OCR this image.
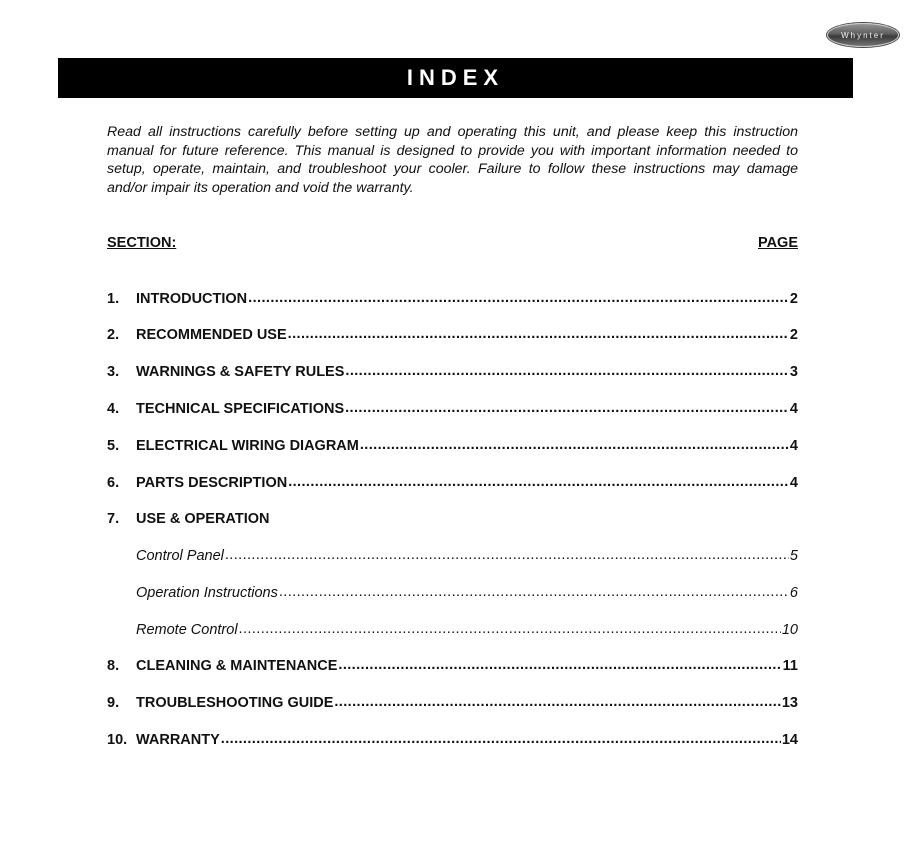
Whynter
INDEX

Read all instructions carefully before setting up and operating this unit, and please keep this instruction manual for future reference. This manual is designed to provide you with important information needed to setup, operate, maintain, and troubleshoot your cooler. Failure to follow these instructions may damage and/or impair its operation and void the warranty.

SECTION:	PAGE
1.	INTRODUCTION .....	2
2.	RECOMMENDED USE .....	2
3.	WARNINGS & SAFETY RULES .....	3
4.	TECHNICAL SPECIFICATIONS .....	4
5.	ELECTRICAL WIRING DIAGRAM .....	4
6.	PARTS DESCRIPTION .....	4
7.	USE & OPERATION
Control Panel .....	5
Operation Instructions .....	6
Remote Control .....	10
8.	CLEANING & MAINTENANCE .....	11
9.	TROUBLESHOOTING GUIDE .....	13
10. WARRANTY .....	14
